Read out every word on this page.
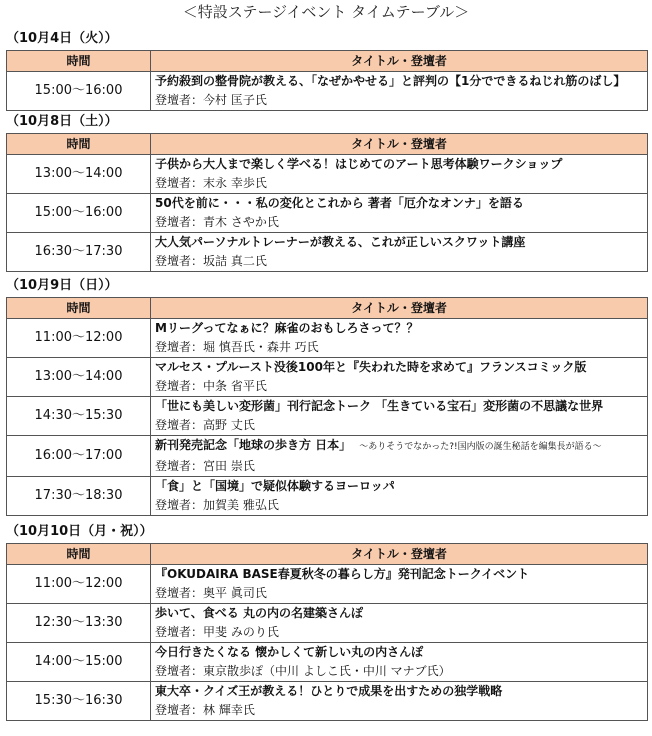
＜特設ステージイベント タイムテーブル＞
（10月4日（火））
時間	タイトル・登壇者
15:00〜16:00	予約殺到の整骨院が教える、「なぜかやせる」と評判の【1分でできるねじれ筋のばし】
登壇者：今村 匡子氏
（10月8日（土））
時間	タイトル・登壇者
13:00〜14:00	子供から大人まで楽しく学べる！はじめてのアート思考体験ワークショップ
登壇者：末永 幸歩氏

15:00〜16:00	50代を前に・・・私の変化とこれから 著者「厄介なオンナ」を語る
登壇者：青木 さやか氏

16:30〜17:30	大人気パーソナルトレーナーが教える、これが正しいスクワット講座
登壇者：坂詰 真二氏
（10月9日（日））
時間	タイトル・登壇者
11:00〜12:00	Mリーグってなぁに？麻雀のおもしろさって？？
登壇者：堀 慎吾氏・森井 巧氏

13:00〜14:00	マルセス・プルースト没後100年と『失われた時を求めて』フランスコミック版
登壇者：中条 省平氏

14:30〜15:30	「世にも美しい変形菌」刊行記念トーク 「生きている宝石」変形菌の不思議な世界
登壇者：高野 丈氏

16:00〜17:00	新刊発売記念「地球の歩き方 日本」 〜ありそうでなかった?!国内版の誕生秘話を編集長が語る〜
登壇者：宮田 崇氏

17:30〜18:30	「食」と「国境」で疑似体験するヨーロッパ
登壇者：加賀美 雅弘氏
（10月10日（月・祝））
時間	タイトル・登壇者
11:00〜12:00	『OKUDAIRA BASE春夏秋冬の暮らし方』発刊記念トークイベント
登壇者：奥平 眞司氏

12:30〜13:30	歩いて、食べる 丸の内の名建築さんぽ
登壇者：甲斐 みのり氏

14:00〜15:00	今日行きたくなる 懐かしくて新しい丸の内さんぽ
登壇者：東京散歩ぽ（中川 よしこ氏・中川 マナブ氏）

15:30〜16:30	東大卒・クイズ王が教える！ひとりで成果を出すための独学戦略
登壇者：林 輝幸氏
